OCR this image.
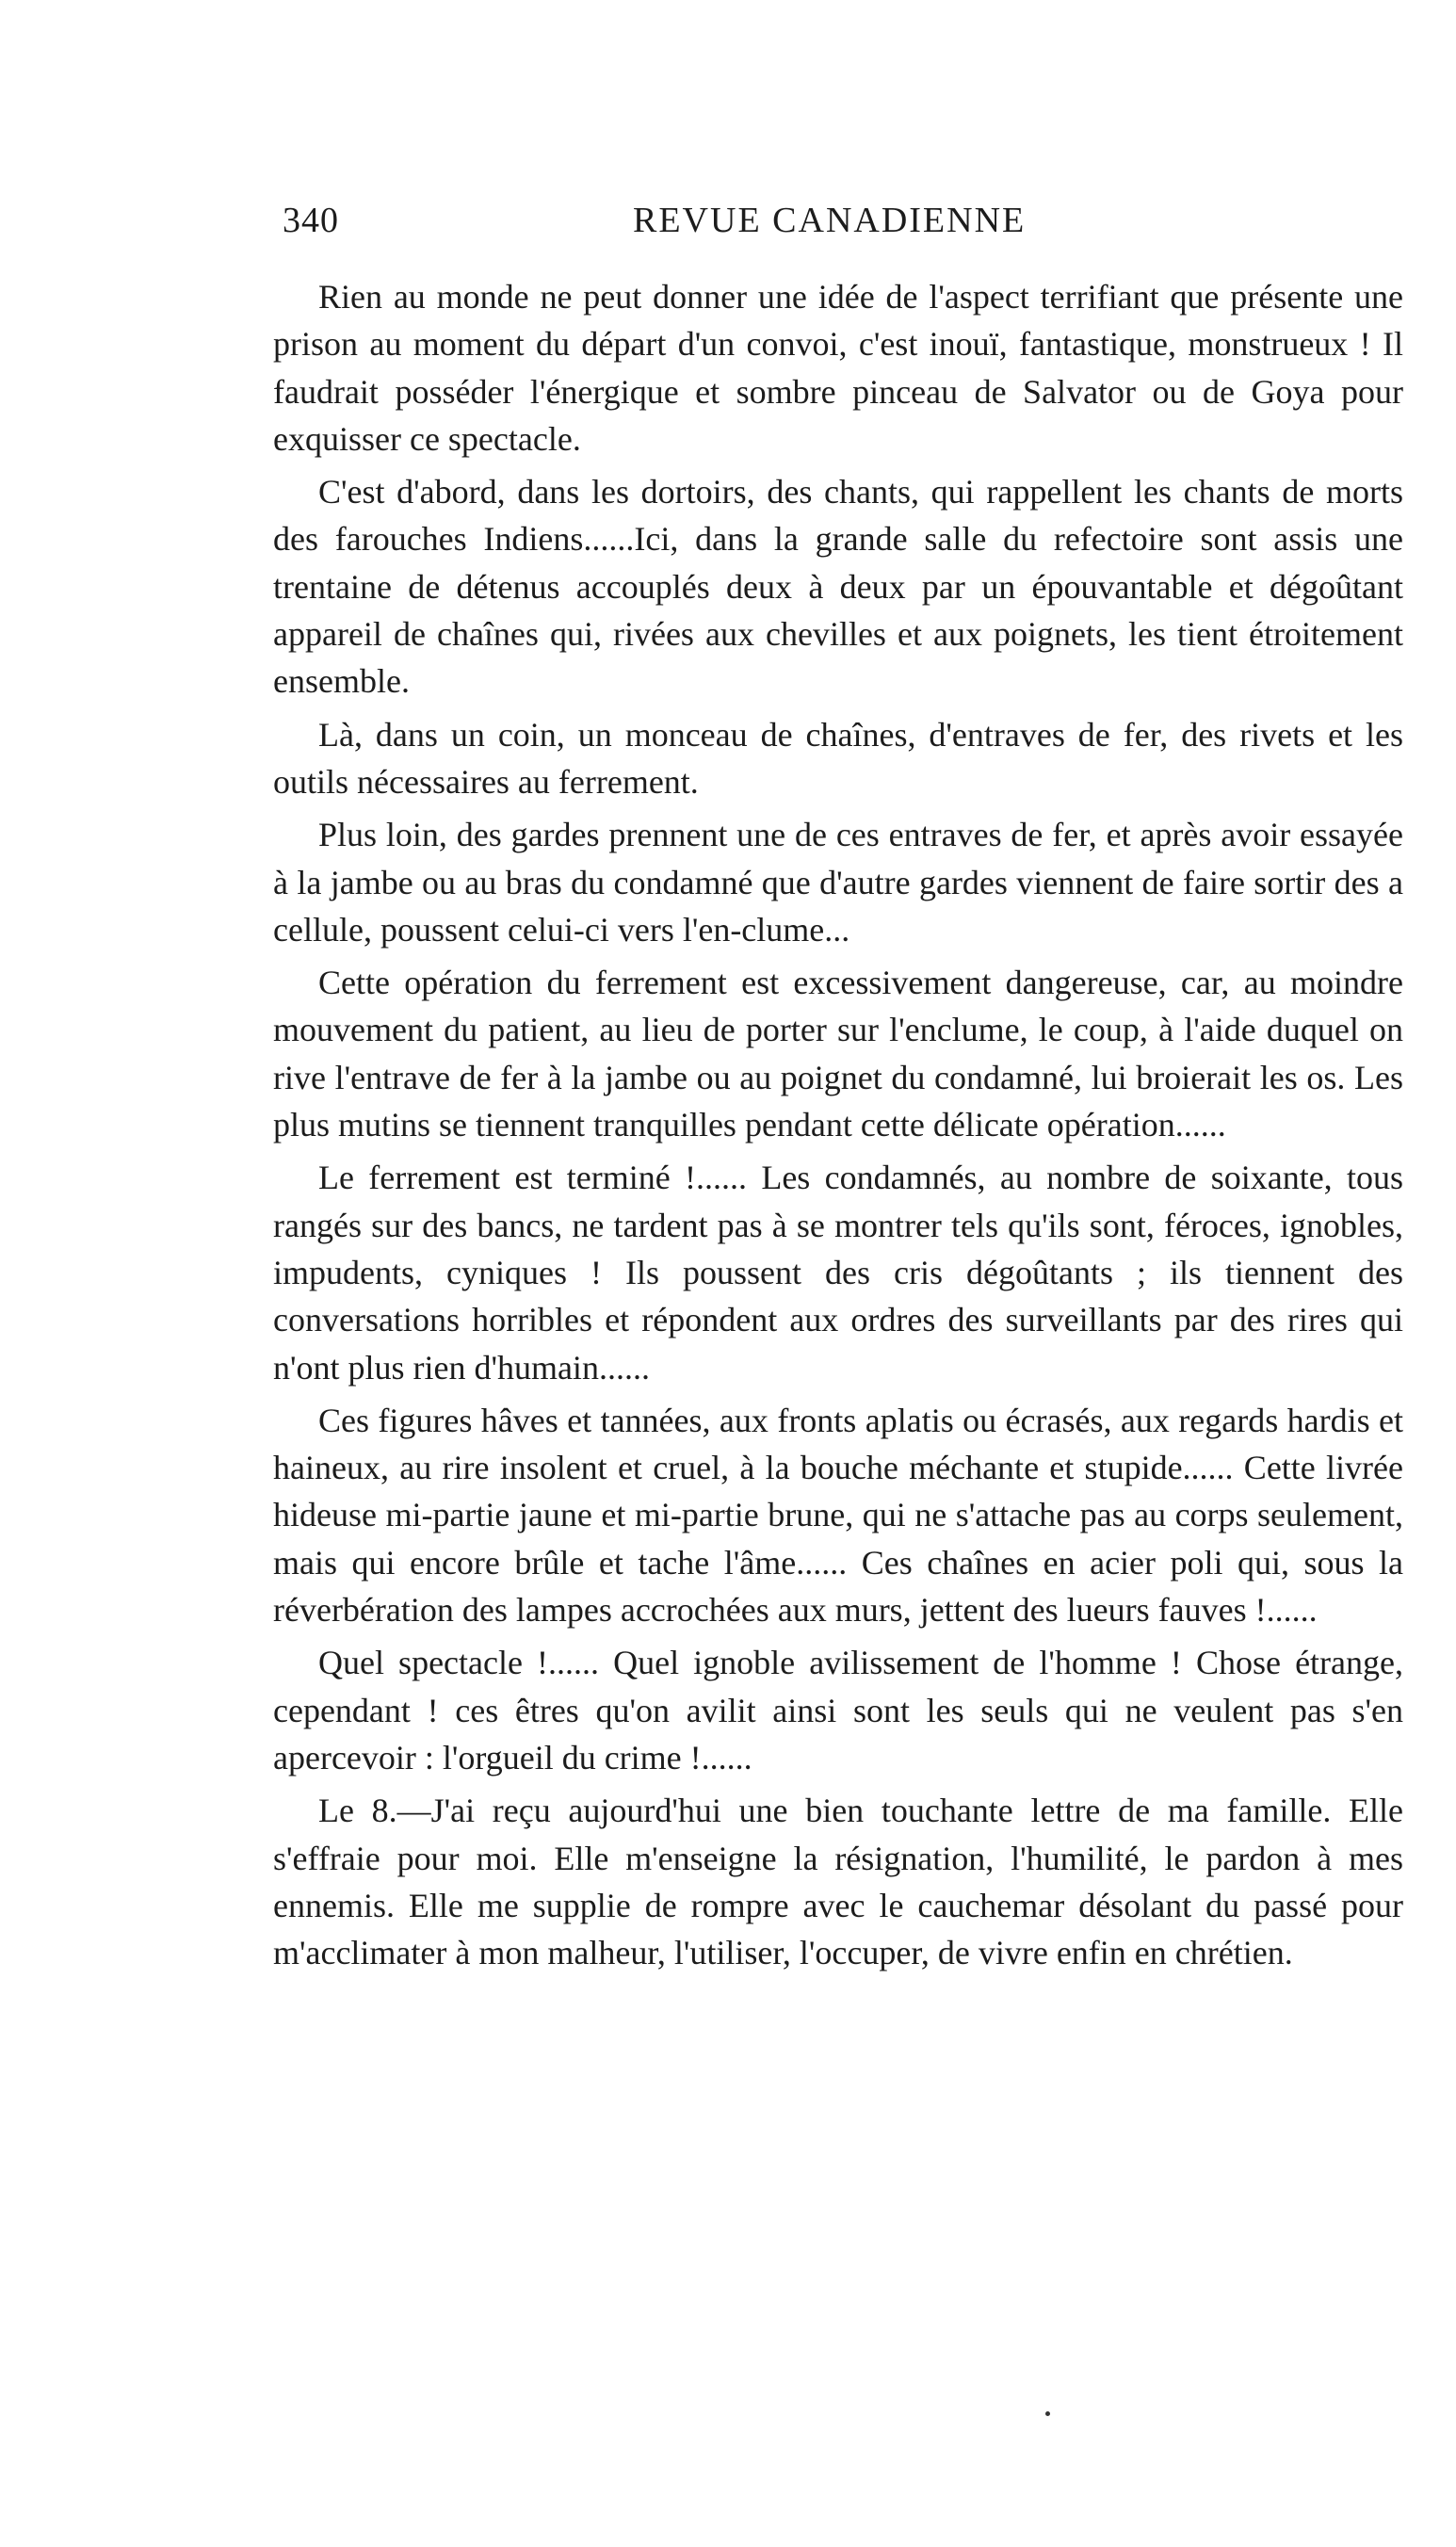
340	REVUE CANADIENNE

Rien au monde ne peut donner une idée de l'aspect terrifiant que présente une prison au moment du départ d'un convoi, c'est inouï, fantastique, monstrueux ! Il faudrait posséder l'énergique et sombre pinceau de Salvator ou de Goya pour exquisser ce spectacle.

C'est d'abord, dans les dortoirs, des chants, qui rappellent les chants de morts des farouches Indiens......Ici, dans la grande salle du refectoire sont assis une trentaine de détenus accouplés deux à deux par un épouvantable et dégoûtant appareil de chaînes qui, rivées aux chevilles et aux poignets, les tient étroitement ensemble.

Là, dans un coin, un monceau de chaînes, d'entraves de fer, des rivets et les outils nécessaires au ferrement.

Plus loin, des gardes prennent une de ces entraves de fer, et après avoir essayée à la jambe ou au bras du condamné que d'autre gardes viennent de faire sortir des a cellule, poussent celui-ci vers l'en-clume...

Cette opération du ferrement est excessivement dangereuse, car, au moindre mouvement du patient, au lieu de porter sur l'enclume, le coup, à l'aide duquel on rive l'entrave de fer à la jambe ou au poignet du condamné, lui broierait les os. Les plus mutins se tiennent tranquilles pendant cette délicate opération......

Le ferrement est terminé !...... Les condamnés, au nombre de soixante, tous rangés sur des bancs, ne tardent pas à se montrer tels qu'ils sont, féroces, ignobles, impudents, cyniques ! Ils poussent des cris dégoûtants ; ils tiennent des conversations horribles et répondent aux ordres des surveillants par des rires qui n'ont plus rien d'humain......

Ces figures hâves et tannées, aux fronts aplatis ou écrasés, aux regards hardis et haineux, au rire insolent et cruel, à la bouche méchante et stupide...... Cette livrée hideuse mi-partie jaune et mi-partie brune, qui ne s'attache pas au corps seulement, mais qui encore brûle et tache l'âme...... Ces chaînes en acier poli qui, sous la réverbération des lampes accrochées aux murs, jettent des lueurs fauves !......

Quel spectacle !...... Quel ignoble avilissement de l'homme ! Chose étrange, cependant ! ces êtres qu'on avilit ainsi sont les seuls qui ne veulent pas s'en apercevoir : l'orgueil du crime !......

Le 8.—J'ai reçu aujourd'hui une bien touchante lettre de ma famille. Elle s'effraie pour moi. Elle m'enseigne la résignation, l'humilité, le pardon à mes ennemis. Elle me supplie de rompre avec le cauchemar désolant du passé pour m'acclimater à mon malheur, l'utiliser, l'occuper, de vivre enfin en chrétien.
